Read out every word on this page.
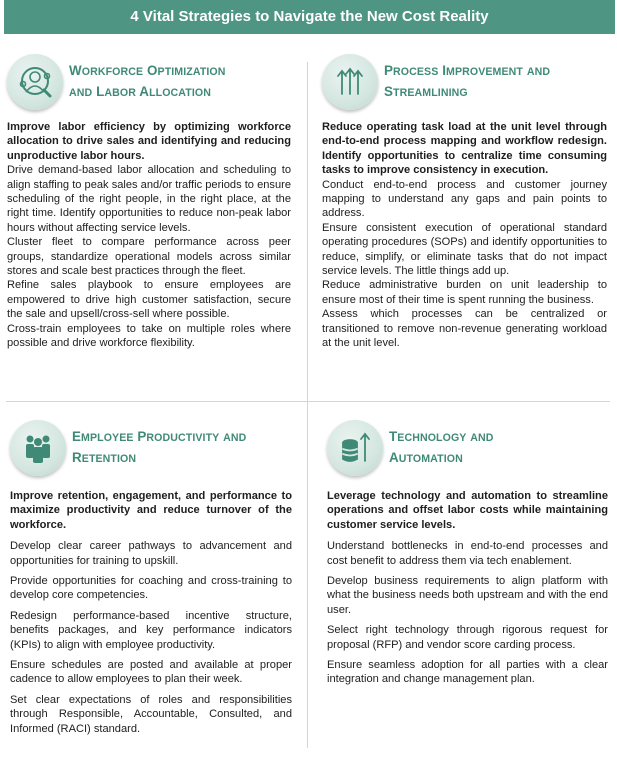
4 Vital Strategies to Navigate the New Cost Reality
WORKFORCE OPTIMIZATION
AND LABOR ALLOCATION
Improve labor efficiency by optimizing workforce allocation to drive sales and identifying and reducing unproductive labor hours.

Drive demand-based labor allocation and scheduling to align staffing to peak sales and/or traffic periods to ensure scheduling of the right people, in the right place, at the right time. Identify opportunities to reduce non-peak labor hours without affecting service levels.

Cluster fleet to compare performance across peer groups, standardize operational models across similar stores and scale best practices through the fleet.

Refine sales playbook to ensure employees are empowered to drive high customer satisfaction, secure the sale and upsell/cross-sell where possible.

Cross-train employees to take on multiple roles where possible and drive workforce flexibility.

PROCESS IMPROVEMENT AND
STREAMLINING
Reduce operating task load at the unit level through end-to-end process mapping and workflow redesign. Identify opportunities to centralize time consuming tasks to improve consistency in execution.

Conduct end-to-end process and customer journey mapping to understand any gaps and pain points to address.

Ensure consistent execution of operational standard operating procedures (SOPs) and identify opportunities to reduce, simplify, or eliminate tasks that do not impact service levels. The little things add up.

Reduce administrative burden on unit leadership to ensure most of their time is spent running the business.

Assess which processes can be centralized or transitioned to remove non-revenue generating workload at the unit level.

EMPLOYEE PRODUCTIVITY AND
RETENTION
Improve retention, engagement, and performance to maximize productivity and reduce turnover of the workforce.

Develop clear career pathways to advancement and opportunities for training to upskill.

Provide opportunities for coaching and cross-training to develop core competencies.

Redesign performance-based incentive structure, benefits packages, and key performance indicators (KPIs) to align with employee productivity.

Ensure schedules are posted and available at proper cadence to allow employees to plan their week.

Set clear expectations of roles and responsibilities through Responsible, Accountable, Consulted, and Informed (RACI) standard.

TECHNOLOGY AND
AUTOMATION
Leverage technology and automation to streamline operations and offset labor costs while maintaining customer service levels.

Understand bottlenecks in end-to-end processes and cost benefit to address them via tech enablement.

Develop business requirements to align platform with what the business needs both upstream and with the end user.

Select right technology through rigorous request for proposal (RFP) and vendor score carding process.

Ensure seamless adoption for all parties with a clear integration and change management plan.
